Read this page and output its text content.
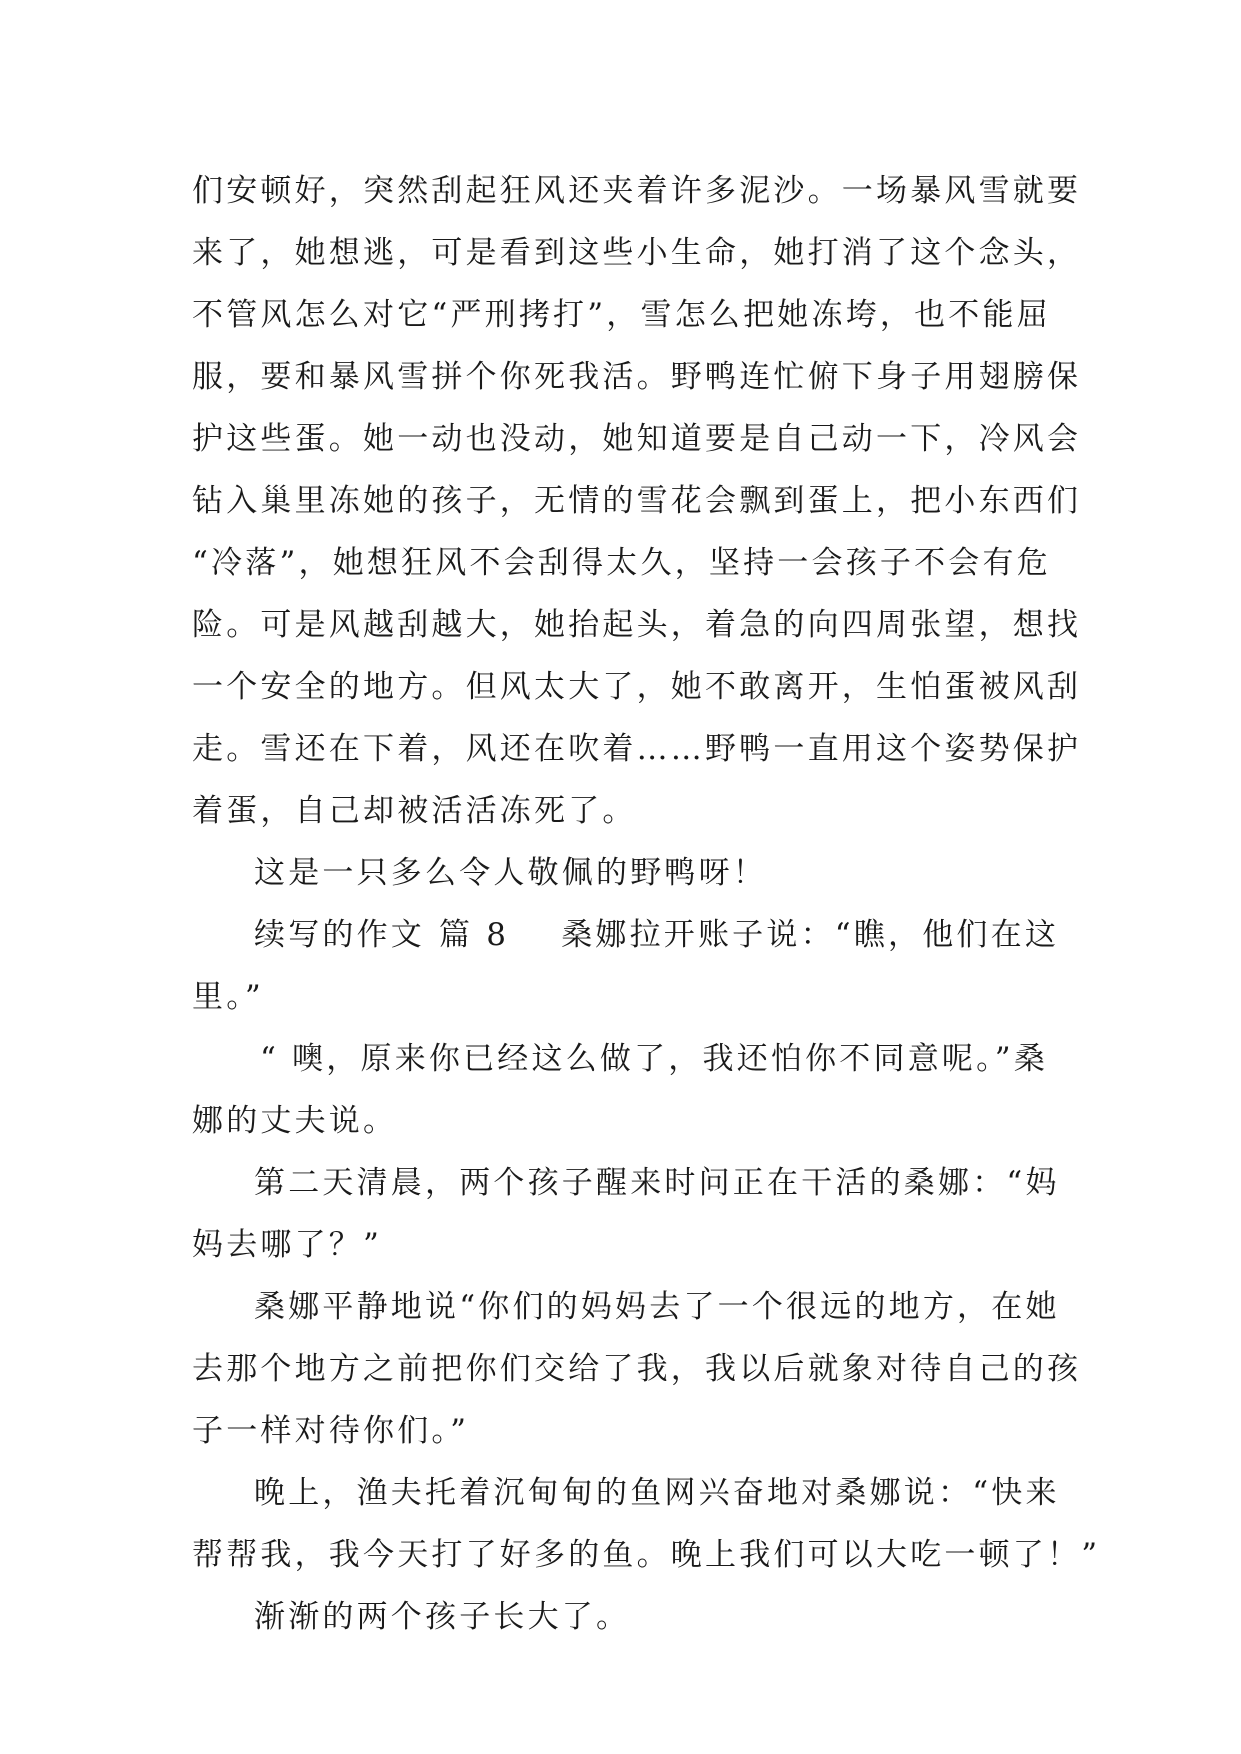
们安顿好，突然刮起狂风还夹着许多泥沙。一场暴风雪就要
来了，她想逃，可是看到这些小生命，她打消了这个念头，
不管风怎么对它“严刑拷打”，雪怎么把她冻垮，也不能屈
服，要和暴风雪拼个你死我活。野鸭连忙俯下身子用翅膀保
护这些蛋。她一动也没动，她知道要是自己动一下，冷风会
钻入巢里冻她的孩子，无情的雪花会飘到蛋上，把小东西们
“冷落”，她想狂风不会刮得太久，坚持一会孩子不会有危
险。可是风越刮越大，她抬起头，着急的向四周张望，想找
一个安全的地方。但风太大了，她不敢离开，生怕蛋被风刮
走。雪还在下着，风还在吹着……野鸭一直用这个姿势保护
着蛋，自己却被活活冻死了。
这是一只多么令人敬佩的野鸭呀！
续写的作文 篇 8 桑娜拉开账子说：“瞧，他们在这
里。”
“ 噢，原来你已经这么做了，我还怕你不同意呢。”桑
娜的丈夫说。
第二天清晨，两个孩子醒来时问正在干活的桑娜：“妈
妈去哪了？”
桑娜平静地说“你们的妈妈去了一个很远的地方，在她
去那个地方之前把你们交给了我，我以后就象对待自己的孩
子一样对待你们。”
晚上，渔夫托着沉甸甸的鱼网兴奋地对桑娜说：“快来
帮帮我，我今天打了好多的鱼。晚上我们可以大吃一顿了！”
渐渐的两个孩子长大了。
